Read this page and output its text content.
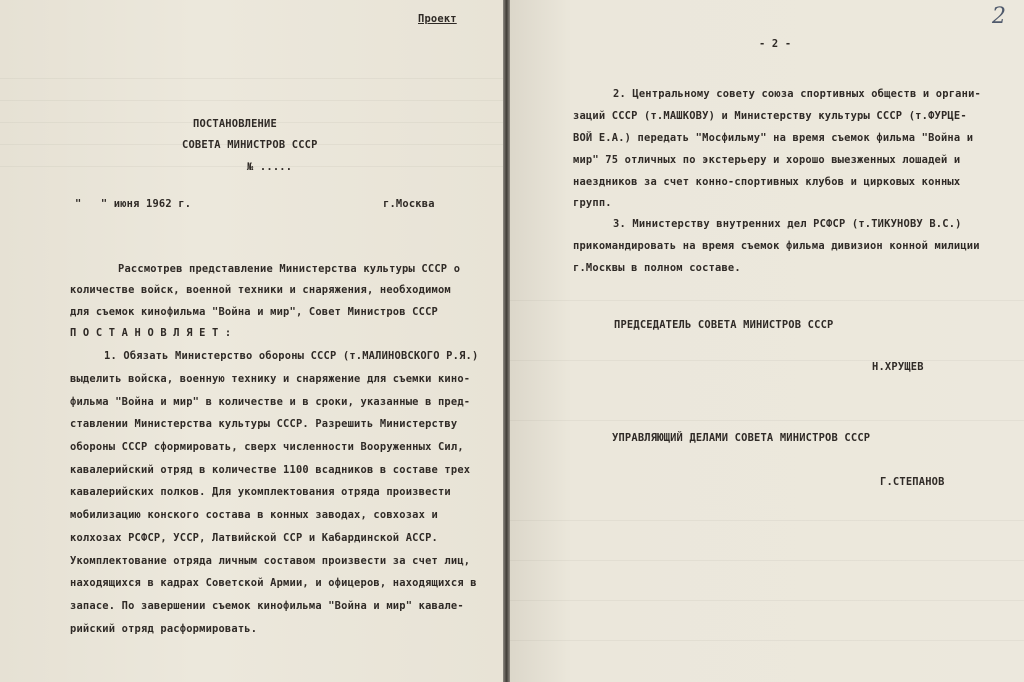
Проект
ПОСТАНОВЛЕНИЕ
СОВЕТА МИНИСТРОВ СССР
№ .....
"   " июня 1962 г.	г.Москва
Рассмотрев представление Министерства культуры СССР о
количестве войск, военной техники и снаряжения, необходимом
для съемок кинофильма "Война и мир", Совет Министров СССР
П О С Т А Н О В Л Я Е Т :
1. Обязать Министерство обороны СССР (т.МАЛИНОВСКОГО Р.Я.)
выделить войска, военную технику и снаряжение для съемки кино-
фильма "Война и мир" в количестве и в сроки, указанные в пред-
ставлении Министерства культуры СССР. Разрешить Министерству
обороны СССР сформировать, сверх численности Вооруженных Сил,
кавалерийский отряд в количестве 1100 всадников в составе трех
кавалерийских полков. Для укомплектования отряда произвести
мобилизацию конского состава в конных заводах, совхозах и
колхозах РСФСР, УССР, Латвийской ССР и Кабардинской АССР.
Укомплектование отряда личным составом произвести за счет лиц,
находящихся в кадрах Советской Армии, и офицеров, находящихся в
запасе. По завершении съемок кинофильма "Война и мир" кавале-
рийский отряд расформировать.
2
- 2 -
2. Центральному совету союза спортивных обществ и органи-
заций СССР (т.МАШКОВУ) и Министерству культуры СССР (т.ФУРЦЕ-
ВОЙ Е.А.) передать "Мосфильму" на время съемок фильма "Война и
мир" 75 отличных по экстерьеру и хорошо выезженных лошадей и
наездников за счет конно-спортивных клубов и цирковых конных
групп.
3. Министерству внутренних дел РСФСР (т.ТИКУНОВУ В.С.)
прикомандировать на время съемок фильма дивизион конной милиции
г.Москвы в полном составе.
ПРЕДСЕДАТЕЛЬ СОВЕТА МИНИСТРОВ СССР
Н.ХРУЩЕВ
УПРАВЛЯЮЩИЙ ДЕЛАМИ СОВЕТА МИНИСТРОВ СССР
Г.СТЕПАНОВ
